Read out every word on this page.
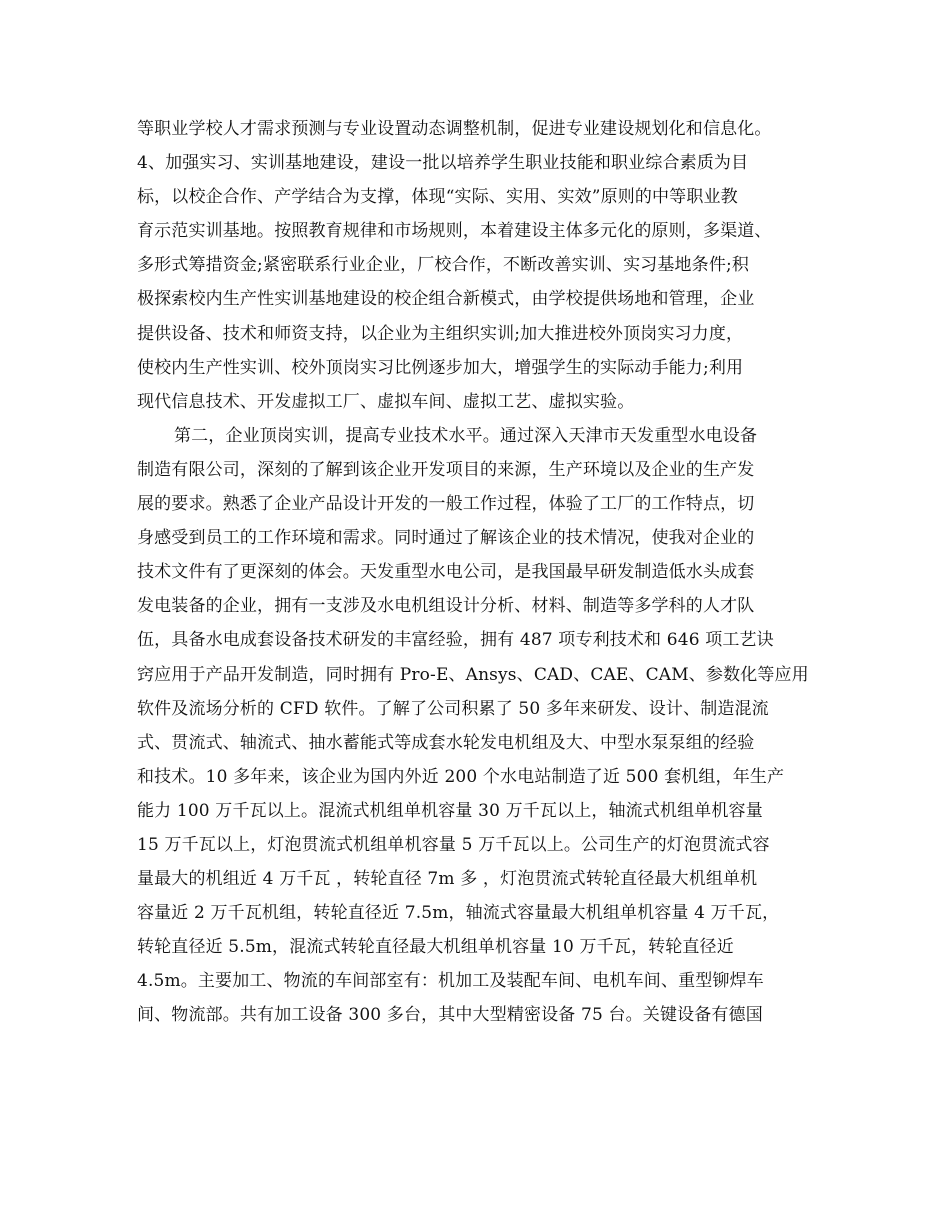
等职业学校人才需求预测与专业设置动态调整机制，促进专业建设规划化和信息化。
4、加强实习、实训基地建设，建设一批以培养学生职业技能和职业综合素质为目
标，以校企合作、产学结合为支撑，体现“实际、实用、实效”原则的中等职业教
育示范实训基地。按照教育规律和市场规则，本着建设主体多元化的原则，多渠道、
多形式筹措资金;紧密联系行业企业，厂校合作，不断改善实训、实习基地条件;积
极探索校内生产性实训基地建设的校企组合新模式，由学校提供场地和管理，企业
提供设备、技术和师资支持，以企业为主组织实训;加大推进校外顶岗实习力度，
使校内生产性实训、校外顶岗实习比例逐步加大，增强学生的实际动手能力;利用
现代信息技术、开发虚拟工厂、虚拟车间、虚拟工艺、虚拟实验。
第二，企业顶岗实训，提高专业技术水平。通过深入天津市天发重型水电设备
制造有限公司，深刻的了解到该企业开发项目的来源，生产环境以及企业的生产发
展的要求。熟悉了企业产品设计开发的一般工作过程，体验了工厂的工作特点，切
身感受到员工的工作环境和需求。同时通过了解该企业的技术情况，使我对企业的
技术文件有了更深刻的体会。天发重型水电公司，是我国最早研发制造低水头成套
发电装备的企业，拥有一支涉及水电机组设计分析、材料、制造等多学科的人才队
伍，具备水电成套设备技术研发的丰富经验，拥有 487 项专利技术和 646 项工艺诀
窍应用于产品开发制造，同时拥有 Pro-E、Ansys、CAD、CAE、CAM、参数化等应用
软件及流场分析的 CFD 软件。了解了公司积累了 50 多年来研发、设计、制造混流
式、贯流式、轴流式、抽水蓄能式等成套水轮发电机组及大、中型水泵泵组的经验
和技术。10 多年来，该企业为国内外近 200 个水电站制造了近 500 套机组，年生产
能力 100 万千瓦以上。混流式机组单机容量 30 万千瓦以上，轴流式机组单机容量
15 万千瓦以上，灯泡贯流式机组单机容量 5 万千瓦以上。公司生产的灯泡贯流式容
量最大的机组近 4 万千瓦 ，转轮直径 7m 多 ，灯泡贯流式转轮直径最大机组单机
容量近 2 万千瓦机组，转轮直径近 7.5m，轴流式容量最大机组单机容量 4 万千瓦，
转轮直径近 5.5m，混流式转轮直径最大机组单机容量 10 万千瓦，转轮直径近
4.5m。主要加工、物流的车间部室有：机加工及装配车间、电机车间、重型铆焊车
间、物流部。共有加工设备 300 多台，其中大型精密设备 75 台。关键设备有德国
